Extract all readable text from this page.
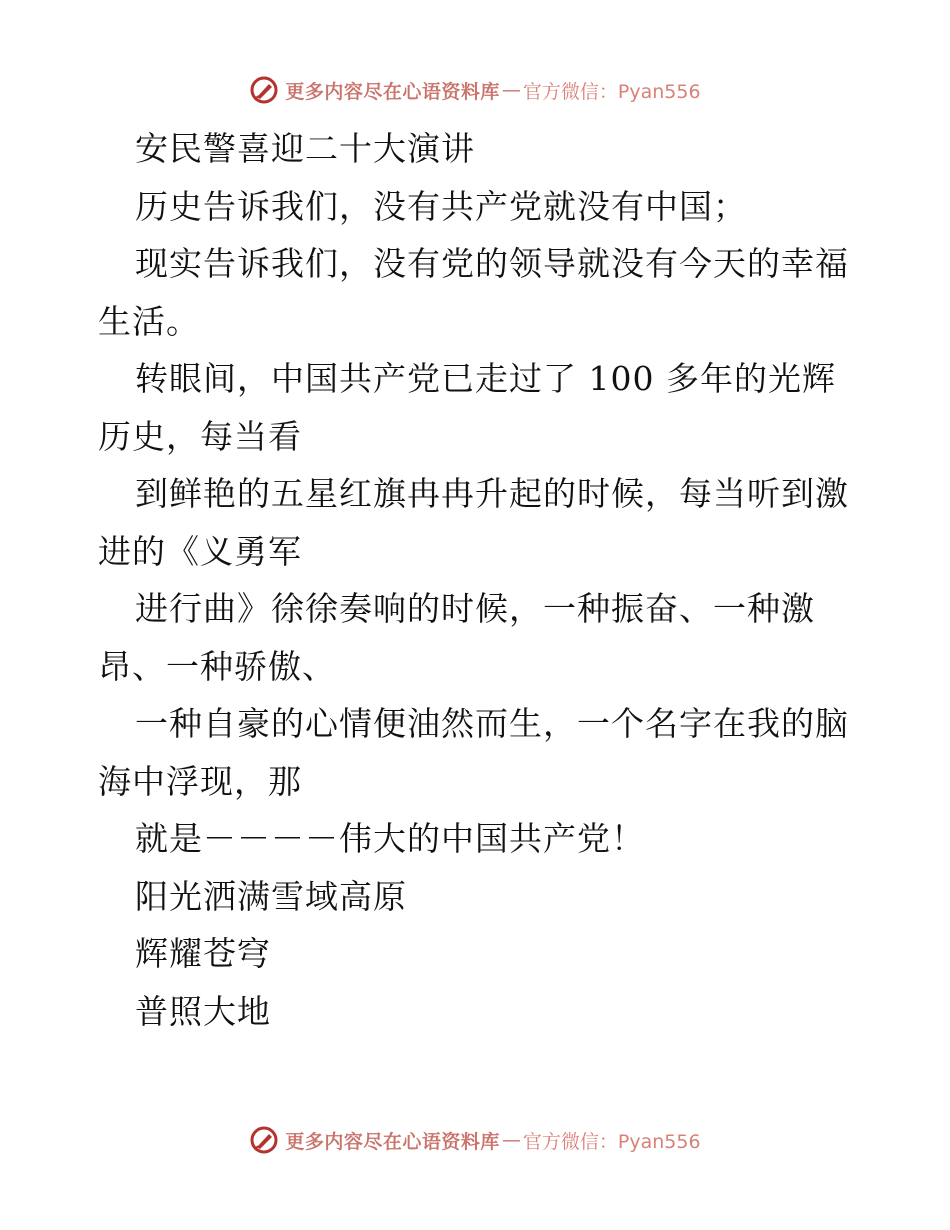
更多内容尽在心语资料库 — 官方微信：Pyan556

安民警喜迎二十大演讲

历史告诉我们，没有共产党就没有中国；

现实告诉我们，没有党的领导就没有今天的幸福生活。

转眼间，中国共产党已走过了 100 多年的光辉历史，每当看

到鲜艳的五星红旗冉冉升起的时候，每当听到激进的《义勇军

进行曲》徐徐奏响的时候，一种振奋、一种激昂、一种骄傲、

一种自豪的心情便油然而生，一个名字在我的脑海中浮现，那

就是－－－－伟大的中国共产党！

阳光洒满雪域高原

辉耀苍穹

普照大地

更多内容尽在心语资料库 — 官方微信：Pyan556
